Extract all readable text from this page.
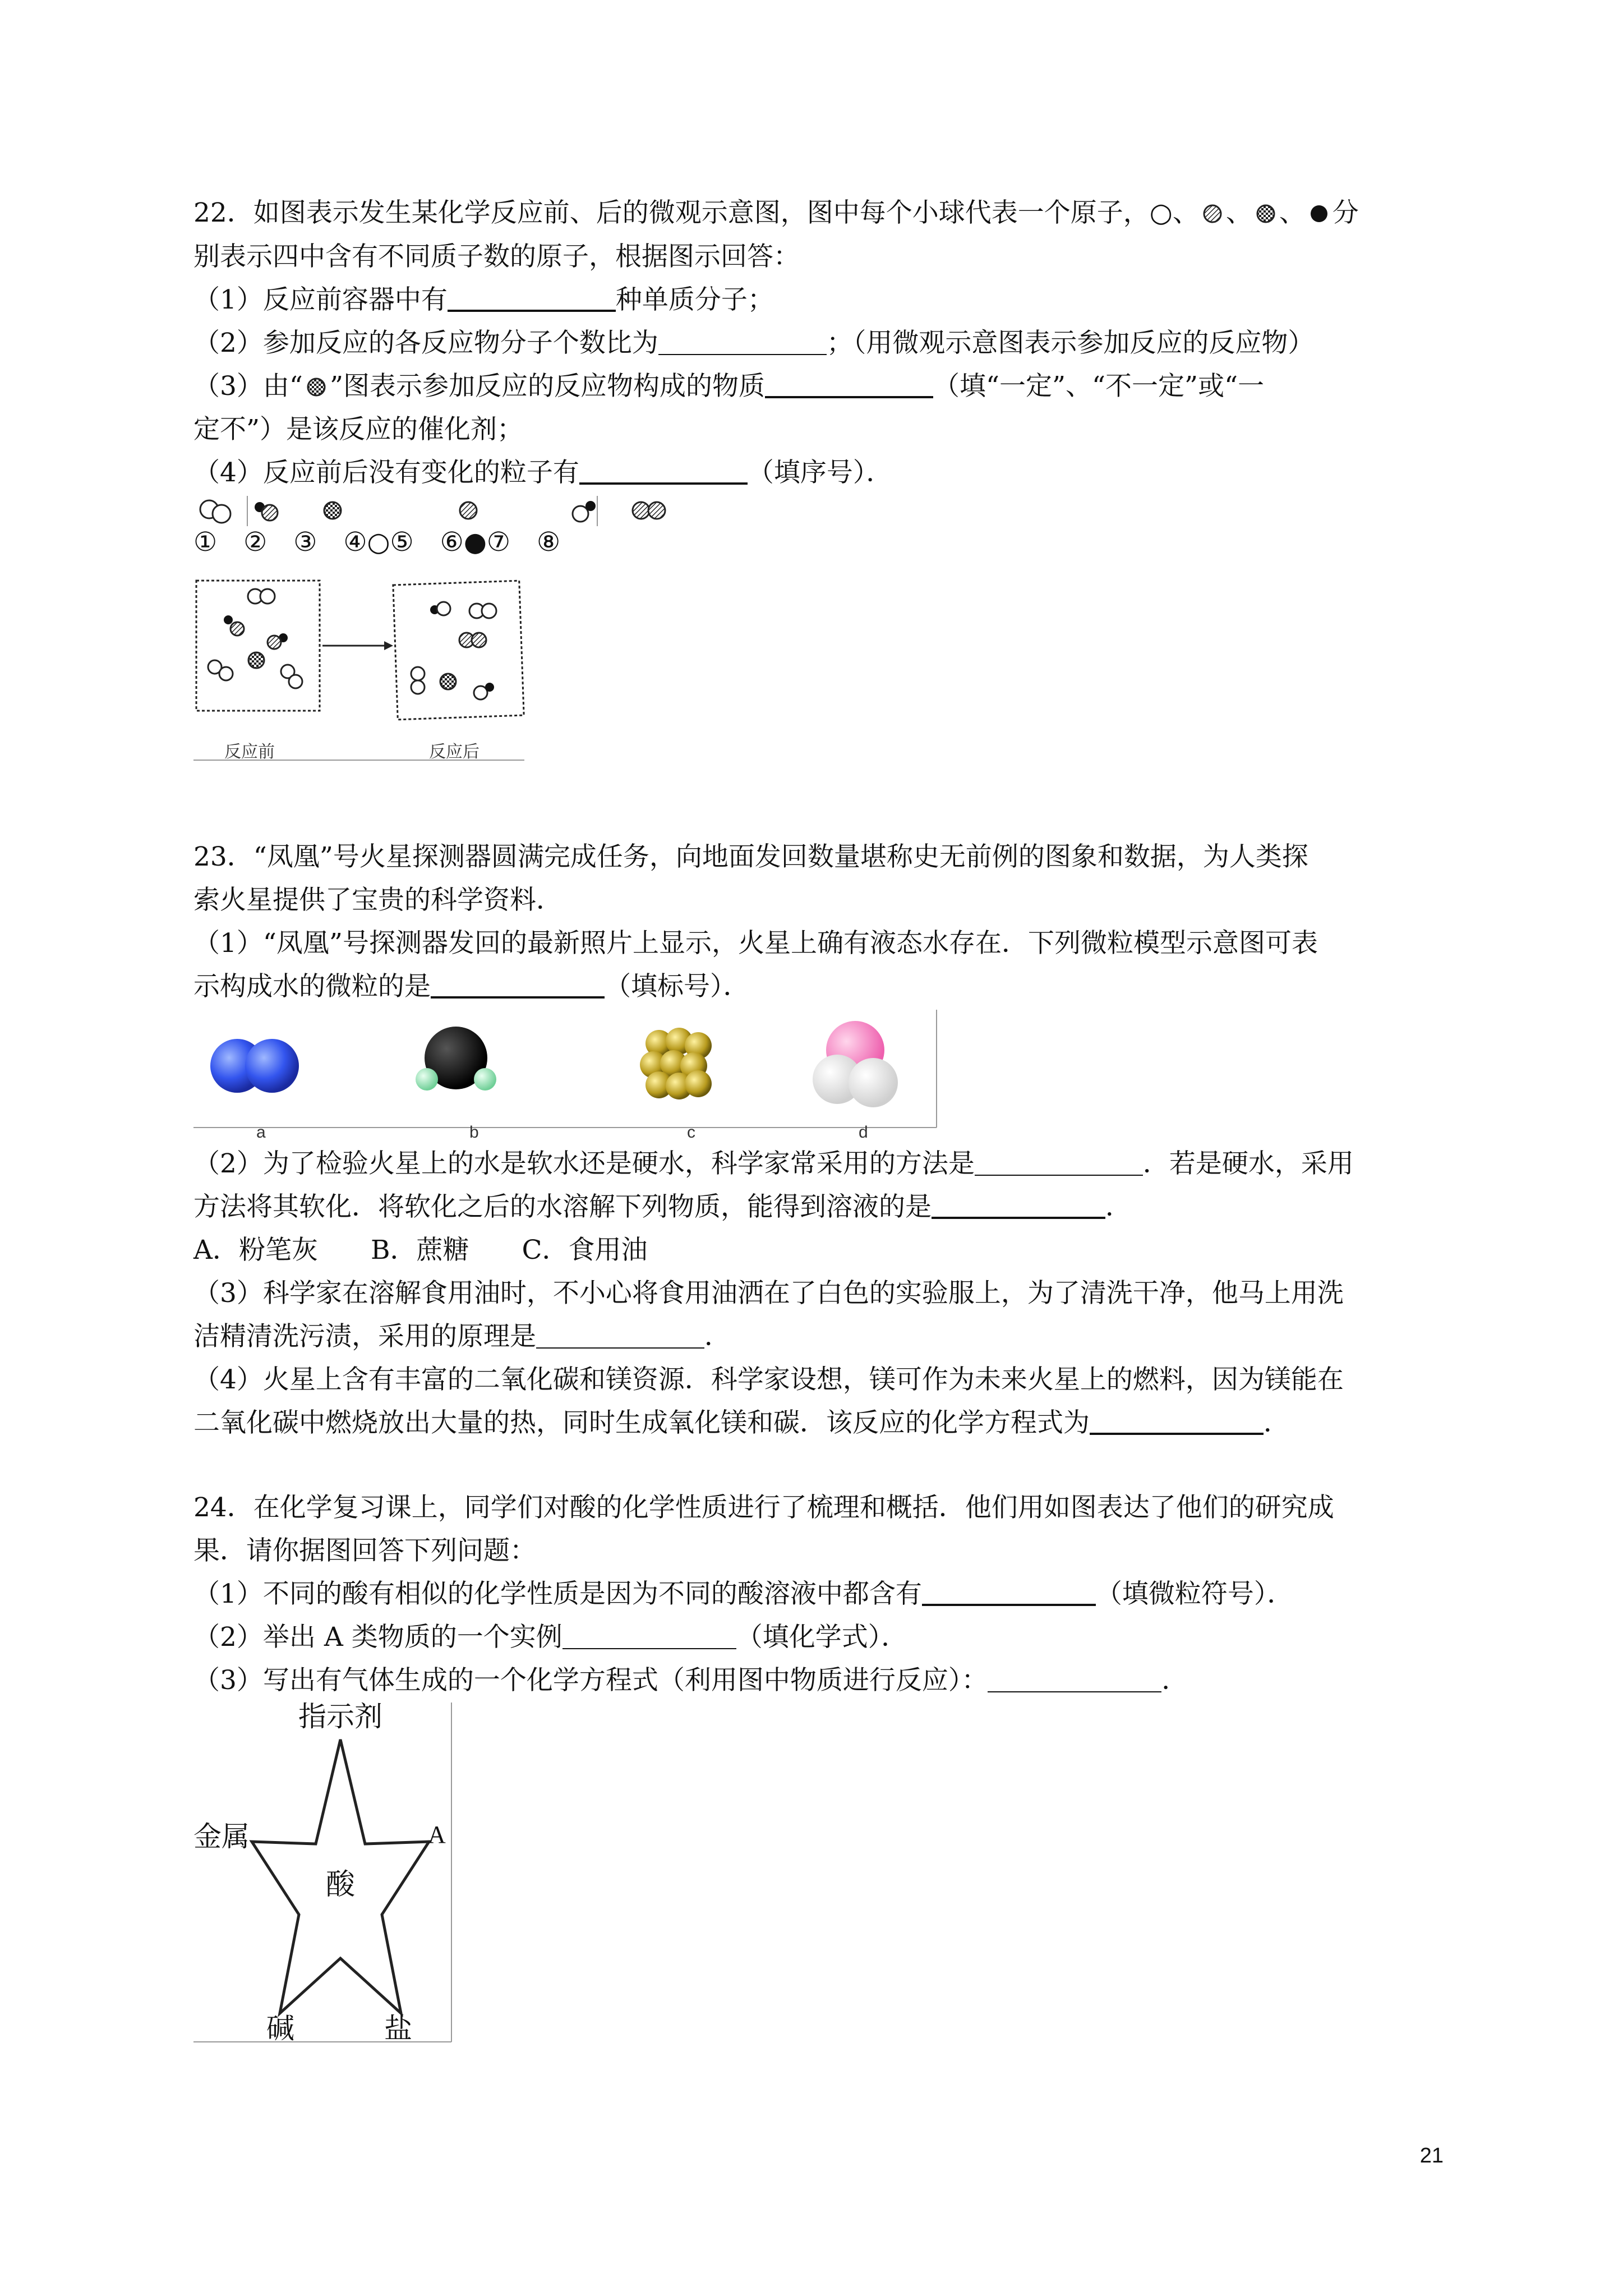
22．如图表示发生某化学反应前、后的微观示意图，图中每个小球代表一个原子，○、 、 、 分
别表示四中含有不同质子数的原子，根据图示回答：
（1）反应前容器中有	种单质分子；
（2）参加反应的各反应物分子个数比为	；（用微观示意图表示参加反应的反应物）
（3）由“ ”图表示参加反应的反应物构成的物质	（填“一定”、“不一定”或“一
定不”）是该反应的催化剂；
（4）反应前后没有变化的粒子有	（填序号）．
①　②　③　④○⑤　⑥●⑦　⑧
反应前	反应后
23．“凤凰”号火星探测器圆满完成任务，向地面发回数量堪称史无前例的图象和数据，为人类探
索火星提供了宝贵的科学资料．
（1）“凤凰”号探测器发回的最新照片上显示，火星上确有液态水存在．下列微粒模型示意图可表
示构成水的微粒的是	（填标号）．
a	b	c	d
（2）为了检验火星上的水是软水还是硬水，科学家常采用的方法是	．若是硬水，采用
方法将其软化．将软化之后的水溶解下列物质，能得到溶液的是	．
A．粉笔灰　　B．蔗糖　　C．食用油
（3）科学家在溶解食用油时，不小心将食用油洒在了白色的实验服上，为了清洗干净，他马上用洗
洁精清洗污渍，采用的原理是	．
（4）火星上含有丰富的二氧化碳和镁资源．科学家设想，镁可作为未来火星上的燃料，因为镁能在
二氧化碳中燃烧放出大量的热，同时生成氧化镁和碳．该反应的化学方程式为	．
24．在化学复习课上，同学们对酸的化学性质进行了梳理和概括．他们用如图表达了他们的研究成
果．请你据图回答下列问题：
（1）不同的酸有相似的化学性质是因为不同的酸溶液中都含有	（填微粒符号）．
（2）举出 A 类物质的一个实例	（填化学式）．
（3）写出有气体生成的一个化学方程式（利用图中物质进行反应）：	．
指示剂
金属	A
酸
碱	盐
21
